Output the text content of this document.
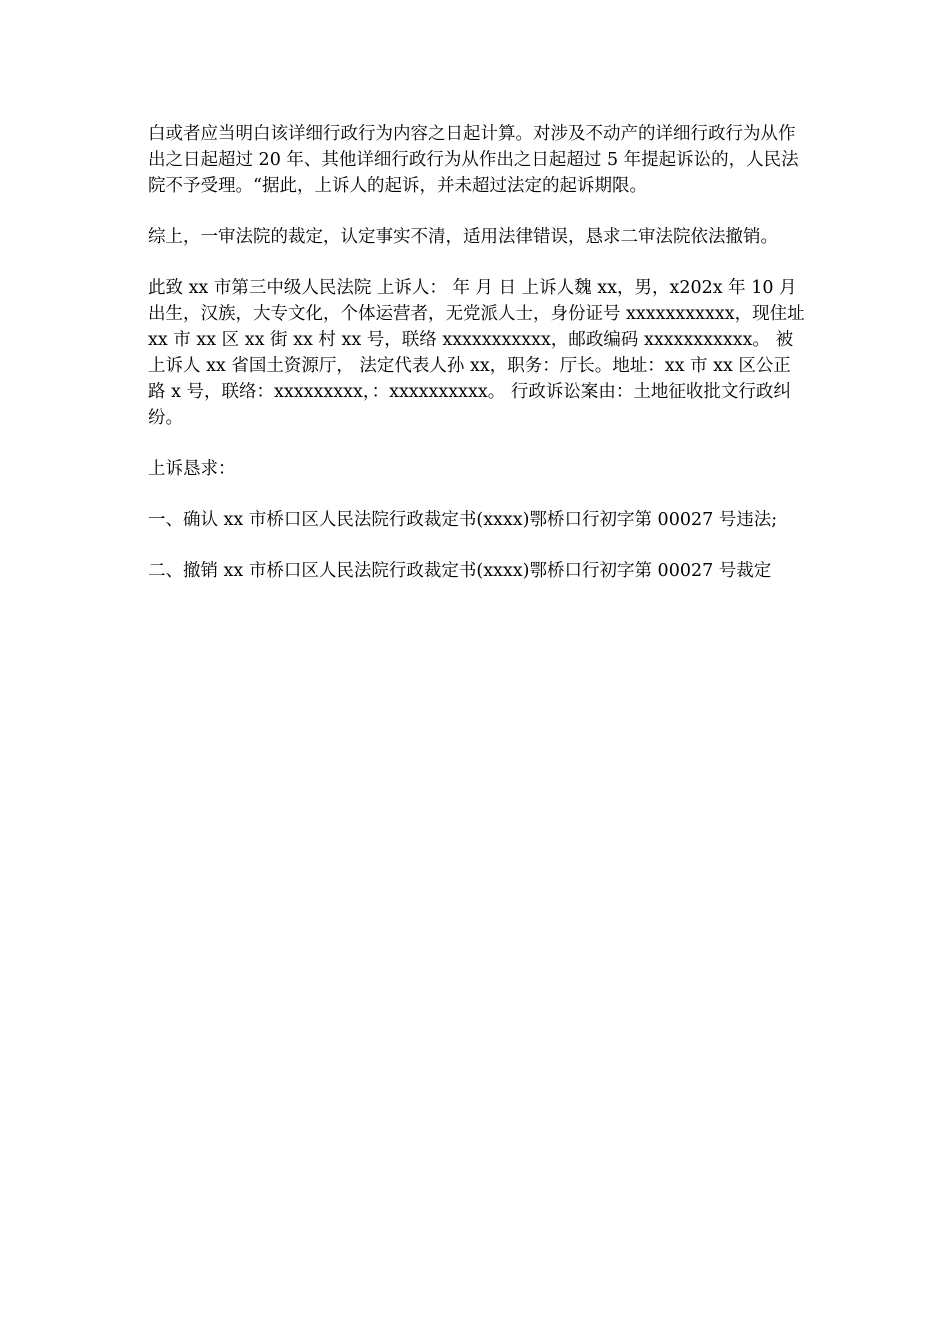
白或者应当明白该详细行政行为内容之日起计算。对涉及不动产的详细行政行为从作出之日起超过 20 年、其他详细行政行为从作出之日起超过 5 年提起诉讼的，人民法院不予受理。“据此，上诉人的起诉，并未超过法定的起诉期限。

综上，一审法院的裁定，认定事实不清，适用法律错误，恳求二审法院依法撤销。

此致 xx 市第三中级人民法院 上诉人： 年 月 日 上诉人魏 xx，男，x202x 年 10 月出生，汉族，大专文化，个体运营者，无党派人士，身份证号 xxxxxxxxxxx，现住址 xx 市 xx 区 xx 街 xx 村 xx 号，联络 xxxxxxxxxxx，邮政编码 xxxxxxxxxxx。 被上诉人 xx 省国土资源厅， 法定代表人孙 xx，职务：厅长。地址：xx 市 xx 区公正路 x 号，联络：xxxxxxxxx，：xxxxxxxxxx。 行政诉讼案由：土地征收批文行政纠纷。

上诉恳求：

一、确认 xx 市桥口区人民法院行政裁定书(xxxx)鄂桥口行初字第 00027 号违法;

二、撤销 xx 市桥口区人民法院行政裁定书(xxxx)鄂桥口行初字第 00027 号裁定
